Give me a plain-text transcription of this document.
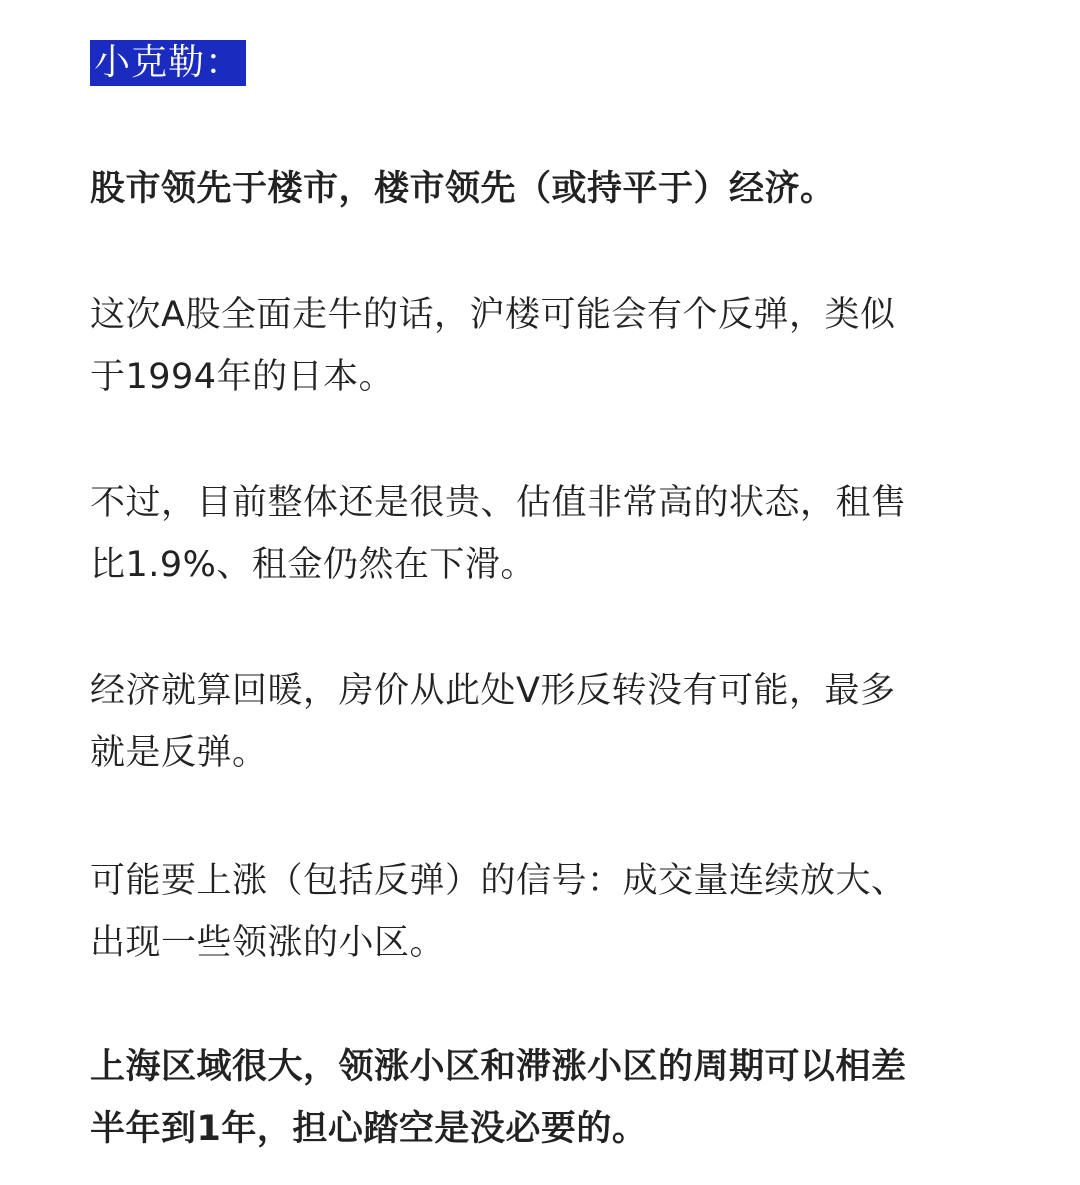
小克勒：

股市领先于楼市，楼市领先（或持平于）经济。

这次A股全面走牛的话，沪楼可能会有个反弹，类似
于1994年的日本。

不过，目前整体还是很贵、估值非常高的状态，租售
比1.9%、租金仍然在下滑。

经济就算回暖，房价从此处V形反转没有可能，最多
就是反弹。

可能要上涨（包括反弹）的信号：成交量连续放大、
出现一些领涨的小区。

上海区域很大，领涨小区和滞涨小区的周期可以相差
半年到1年，担心踏空是没必要的。
